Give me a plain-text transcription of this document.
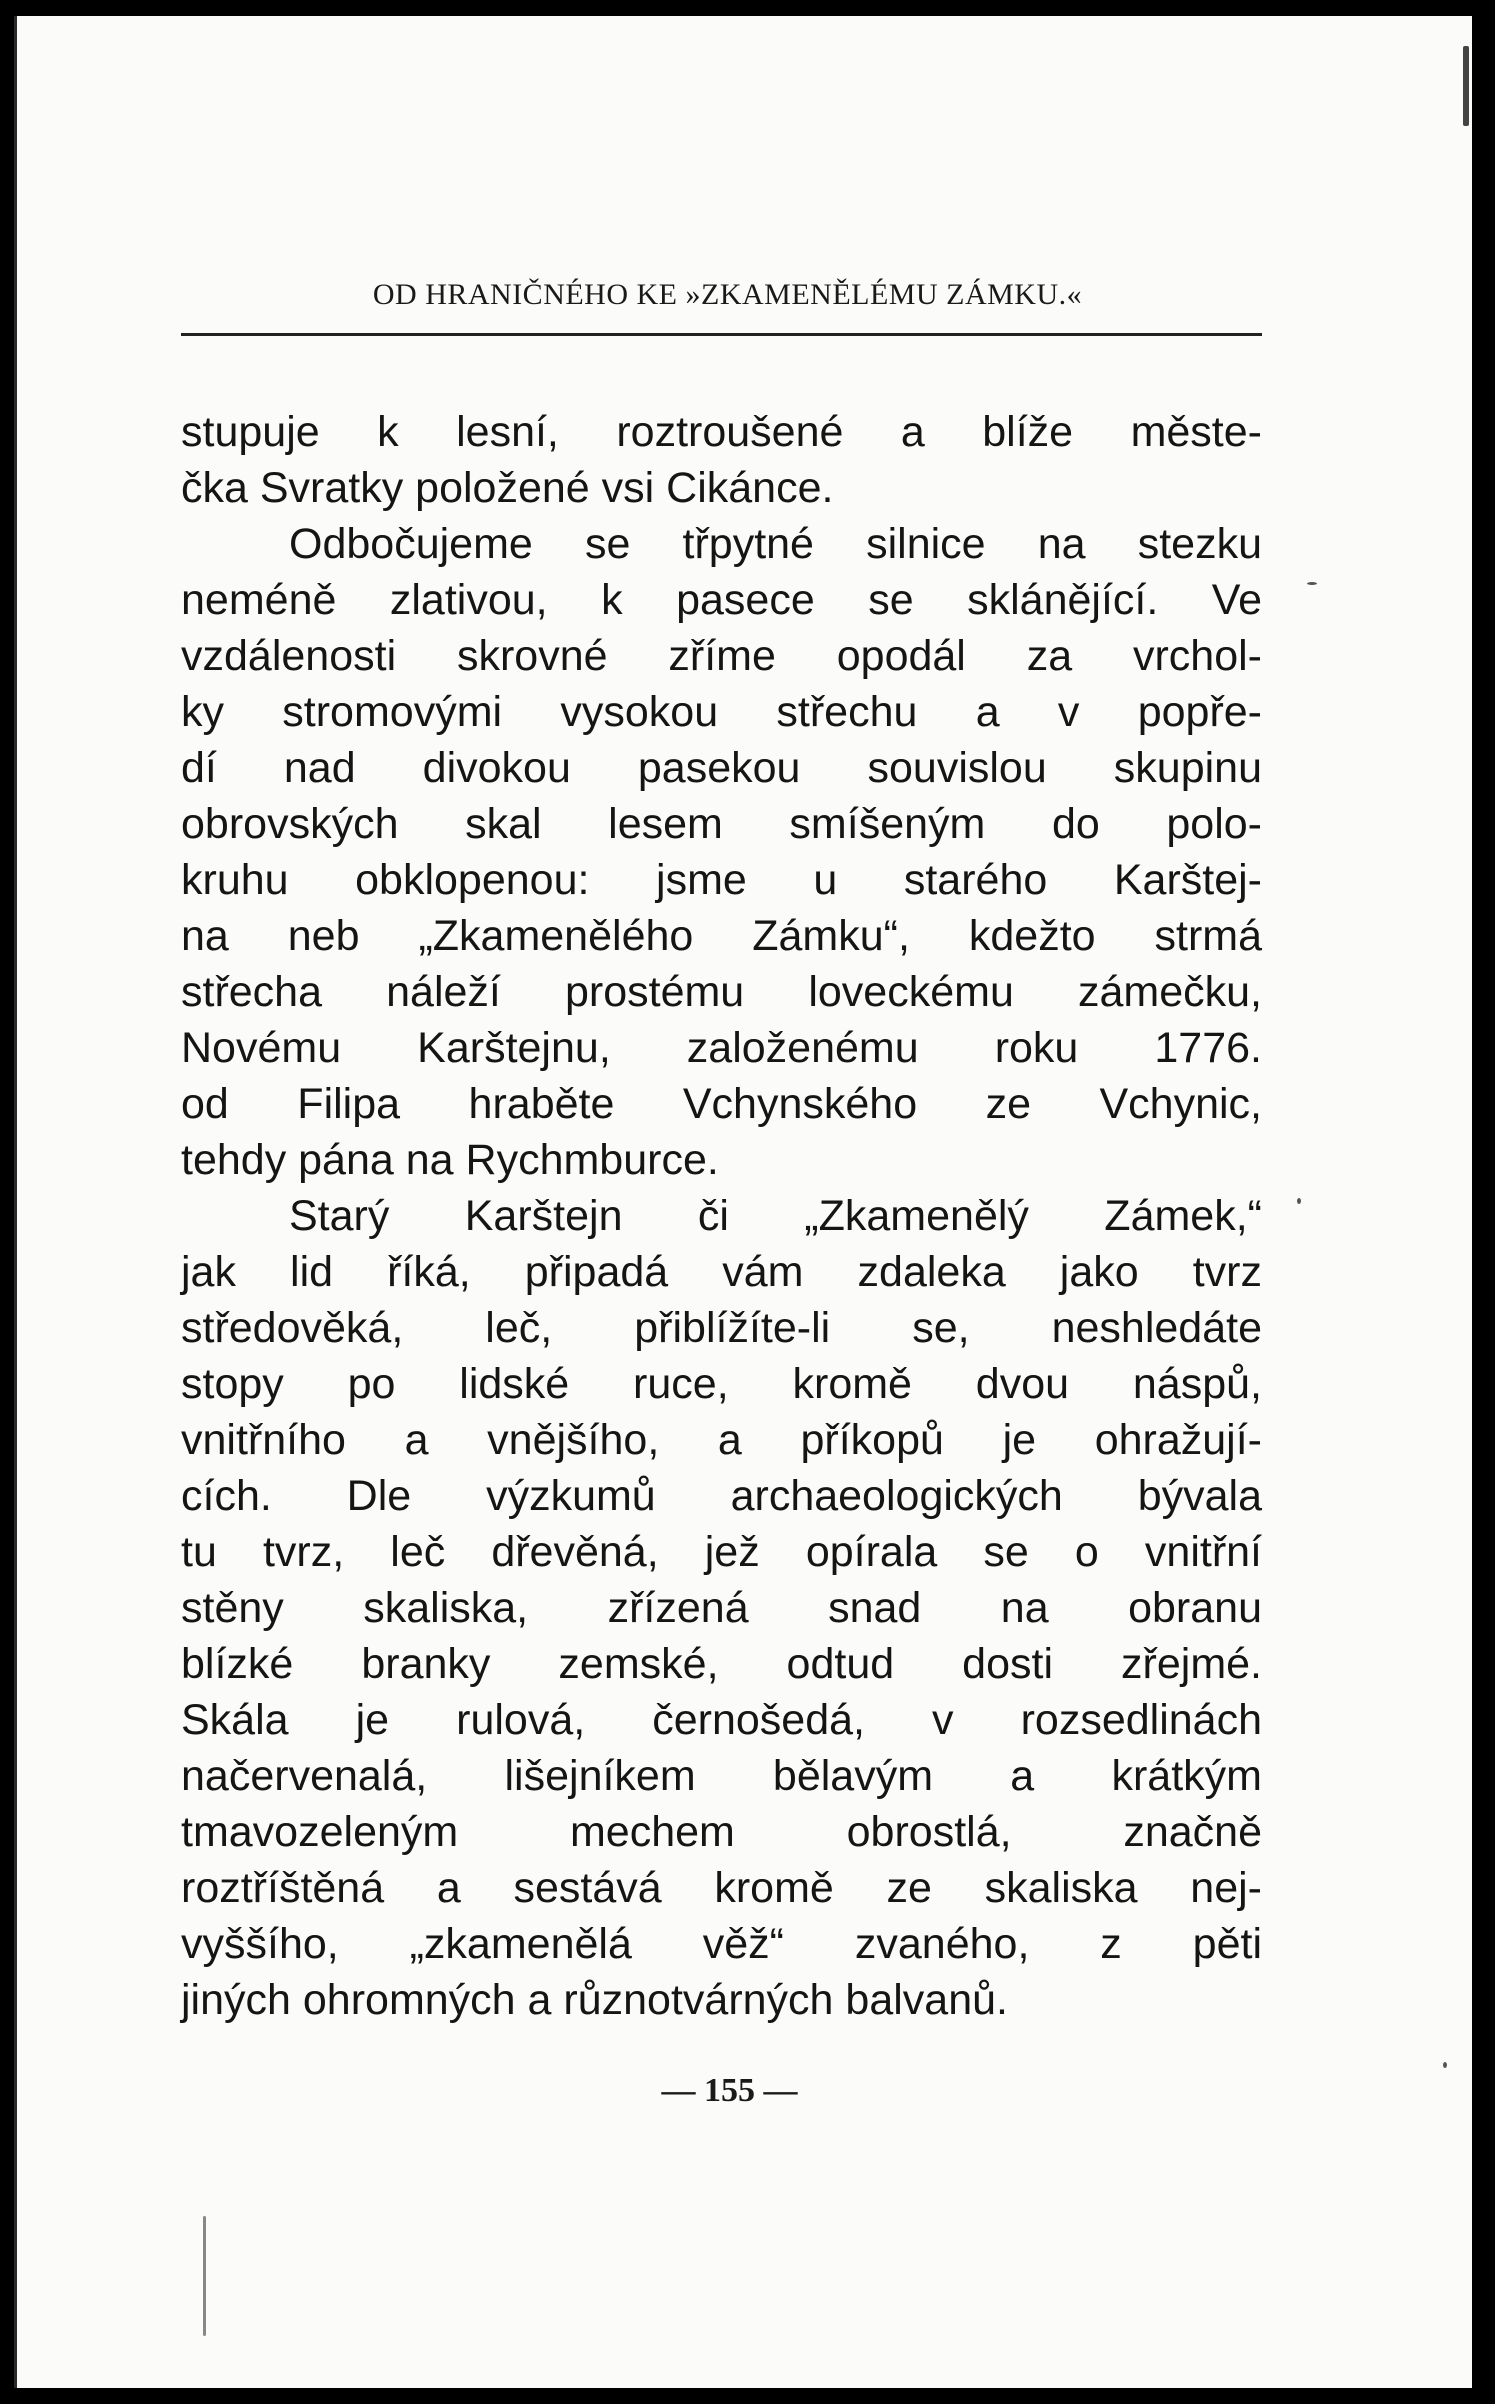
OD HRANIČNÉHO KE »ZKAMENĚLÉMU ZÁMKU.«
stupuje k lesní, roztroušené a blíže měste-
čka Svratky položené vsi Cikánce.
Odbočujeme se třpytné silnice na stezku
neméně zlativou, k pasece se sklánějící. Ve
vzdálenosti skrovné zříme opodál za vrchol-
ky stromovými vysokou střechu a v popře-
dí nad divokou pasekou souvislou skupinu
obrovských skal lesem smíšeným do polo-
kruhu obklopenou: jsme u starého Karštej-
na neb „Zkamenělého Zámku“, kdežto strmá
střecha náleží prostému loveckému zámečku,
Novému Karštejnu, založenému roku 1776.
od Filipa hraběte Vchynského ze Vchynic,
tehdy pána na Rychmburce.
Starý Karštejn či „Zkamenělý Zámek,“
jak lid říká, připadá vám zdaleka jako tvrz
středověká, leč, přiblížíte-li se, neshledáte
stopy po lidské ruce, kromě dvou náspů,
vnitřního a vnějšího, a příkopů je ohražují-
cích. Dle výzkumů archaeologických bývala
tu tvrz, leč dřevěná, jež opírala se o vnitřní
stěny skaliska, zřízená snad na obranu
blízké branky zemské, odtud dosti zřejmé.
Skála je rulová, černošedá, v rozsedlinách
načervenalá, lišejníkem bělavým a krátkým
tmavozeleným mechem obrostlá, značně
roztříštěná a sestává kromě ze skaliska nej-
vyššího, „zkamenělá věž“ zvaného, z pěti
jiných ohromných a různotvárných balvanů.
— 155 —
